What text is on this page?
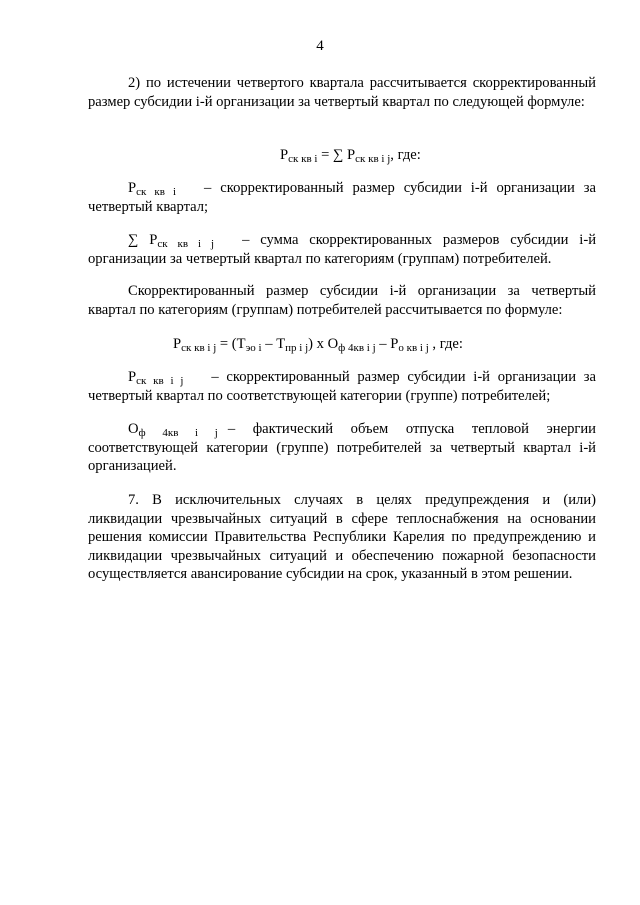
4

2) по истечении четвертого квартала рассчитывается скорректированный размер субсидии i-й организации за четвертый квартал по следующей формуле:

$Р_{ск кв i}$ = ∑ $Р_{ск кв i j}$, где:
$Р_{ск кв i}$ – скорректированный размер субсидии i-й организации за четвертый квартал;
∑ $Р_{ск кв i j}$ – сумма скорректированных размеров субсидии i-й организации за четвертый квартал по категориям (группам) потребителей.

Скорректированный размер субсидии i-й организации за четвертый квартал по категориям (группам) потребителей рассчитывается по формуле:

$Р_{ск кв i j} = (Т_{эо i} - Т_{пр i j})$ х $О_{ф 4кв i j} - Р_{о кв i j}$ , где:
$Р_{ск кв i j}$ – скорректированный размер субсидии i-й организации за четвертый квартал по соответствующей категории (группе) потребителей;
$О_{ф 4кв i j}$ – фактический объем отпуска тепловой энергии соответствующей категории (группе) потребителей за четвертый квартал i-й организацией.

7. В исключительных случаях в целях предупреждения и (или) ликвидации чрезвычайных ситуаций в сфере теплоснабжения на основании решения комиссии Правительства Республики Карелия по предупреждению и ликвидации чрезвычайных ситуаций и обеспечению пожарной безопасности осуществляется авансирование субсидии на срок, указанный в этом решении.
